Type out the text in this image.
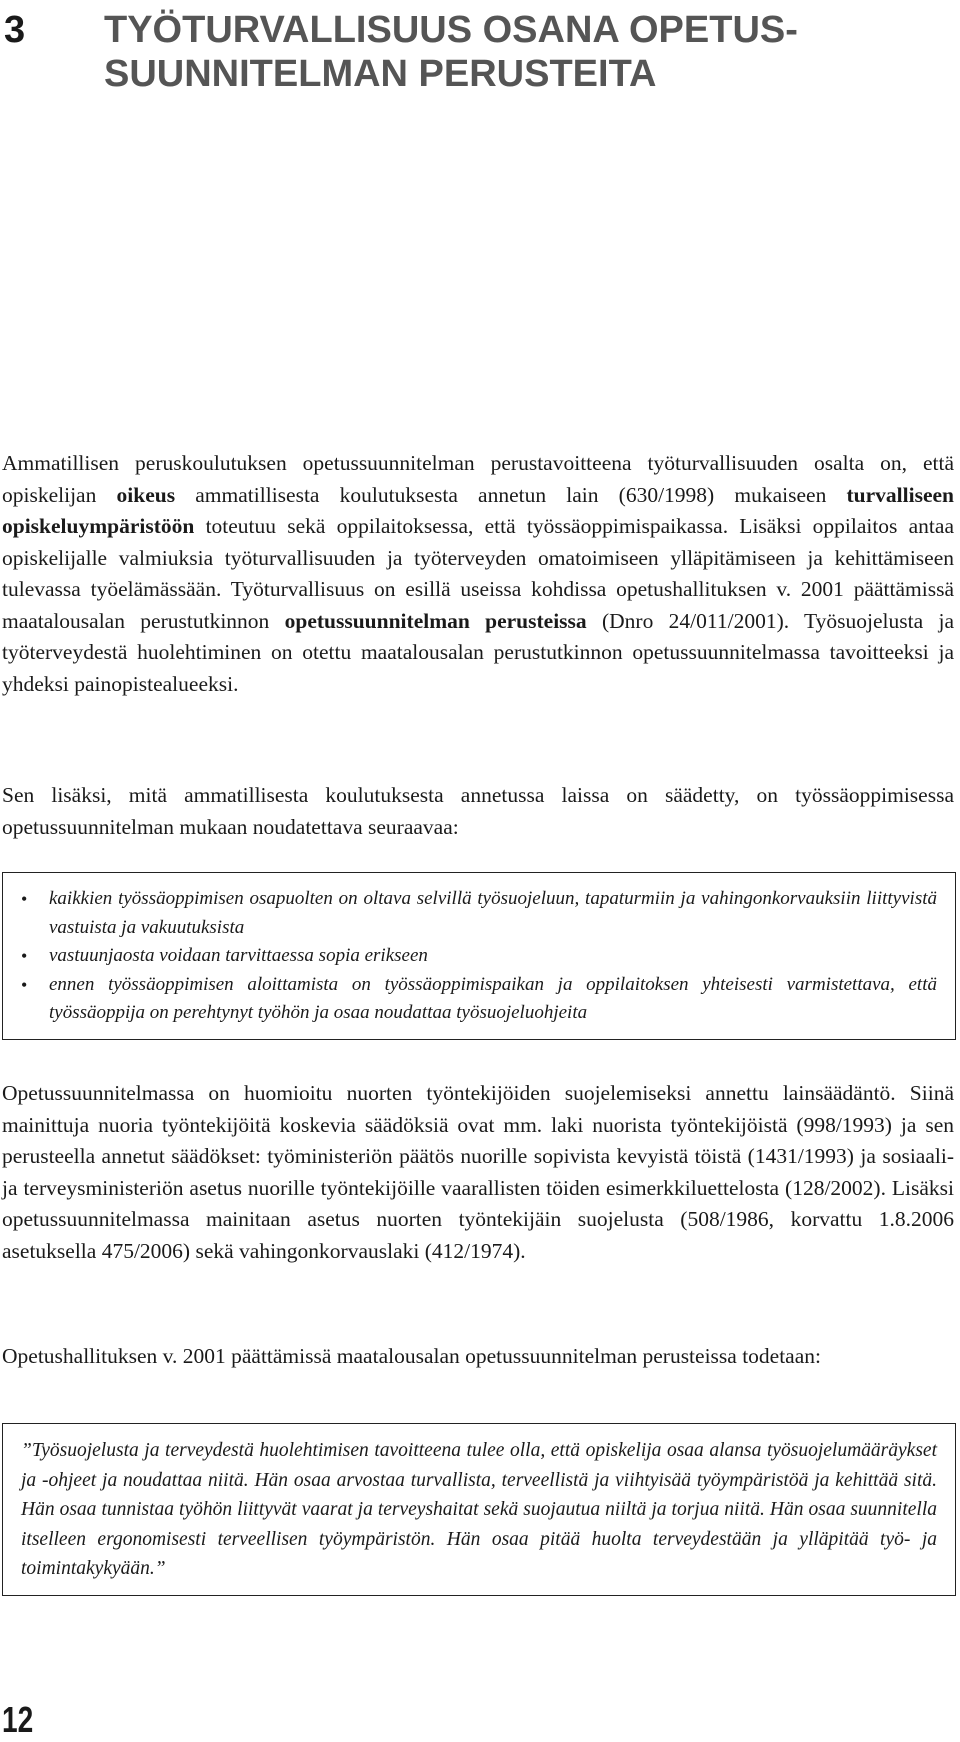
3 TYÖTURVALLISUUS OSANA OPETUS-
SUUNNITELMAN PERUSTEITA

Ammatillisen peruskoulutuksen opetussuunnitelman perustavoitteena työturvallisuuden osalta on, että opiskelijan oikeus ammatillisesta koulutuksesta annetun lain (630/1998) mukaiseen turvalliseen opiskeluympäristöön toteutuu sekä oppilaitoksessa, että työssäoppimispaikassa. Lisäksi oppilaitos antaa opiskelijalle valmiuksia työturvallisuuden ja työterveyden omatoimiseen ylläpitämiseen ja kehittämiseen tulevassa työelämässään. Työturvallisuus on esillä useissa kohdissa opetushallituksen v. 2001 päättämissä maatalousalan perustutkinnon opetussuunnitelman perusteissa (Dnro 24/011/2001). Työsuojelusta ja työterveydestä huolehtiminen on otettu maatalousalan perustutkinnon opetussuunnitelmassa tavoitteeksi ja yhdeksi painopistealueeksi.

Sen lisäksi, mitä ammatillisesta koulutuksesta annetussa laissa on säädetty, on työssäoppimisessa opetussuunnitelman mukaan noudatettava seuraavaa:

• kaikkien työssäoppimisen osapuolten on oltava selvillä työsuojeluun, tapaturmiin ja vahingonkorvauksiin liittyvistä vastuista ja vakuutuksista
• vastuunjaosta voidaan tarvittaessa sopia erikseen
• ennen työssäoppimisen aloittamista on työssäoppimispaikan ja oppilaitoksen yhteisesti varmistettava, että työssäoppija on perehtynyt työhön ja osaa noudattaa työsuojeluohjeita

Opetussuunnitelmassa on huomioitu nuorten työntekijöiden suojelemiseksi annettu lainsäädäntö. Siinä mainittuja nuoria työntekijöitä koskevia säädöksiä ovat mm. laki nuorista työntekijöistä (998/1993) ja sen perusteella annetut säädökset: työministeriön päätös nuorille sopivista kevyistä töistä (1431/1993) ja sosiaali- ja terveysministeriön asetus nuorille työntekijöille vaarallisten töiden esimerkkiluettelosta (128/2002). Lisäksi opetussuunnitelmassa mainitaan asetus nuorten työntekijäin suojelusta (508/1986, korvattu 1.8.2006 asetuksella 475/2006) sekä vahingonkorvauslaki (412/1974).

Opetushallituksen v. 2001 päättämissä maatalousalan opetussuunnitelman perusteissa todetaan:

”Työsuojelusta ja terveydestä huolehtimisen tavoitteena tulee olla, että opiskelija osaa alansa työsuojelumääräykset ja -ohjeet ja noudattaa niitä. Hän osaa arvostaa turvallista, terveellistä ja viihtyisää työympäristöä ja kehittää sitä. Hän osaa tunnistaa työhön liittyvät vaarat ja terveyshaitat sekä suojautua niiltä ja torjua niitä. Hän osaa suunnitella itselleen ergonomisesti terveellisen työympäristön. Hän osaa pitää huolta terveydestään ja ylläpitää työ- ja toimintakykyään.”

12
